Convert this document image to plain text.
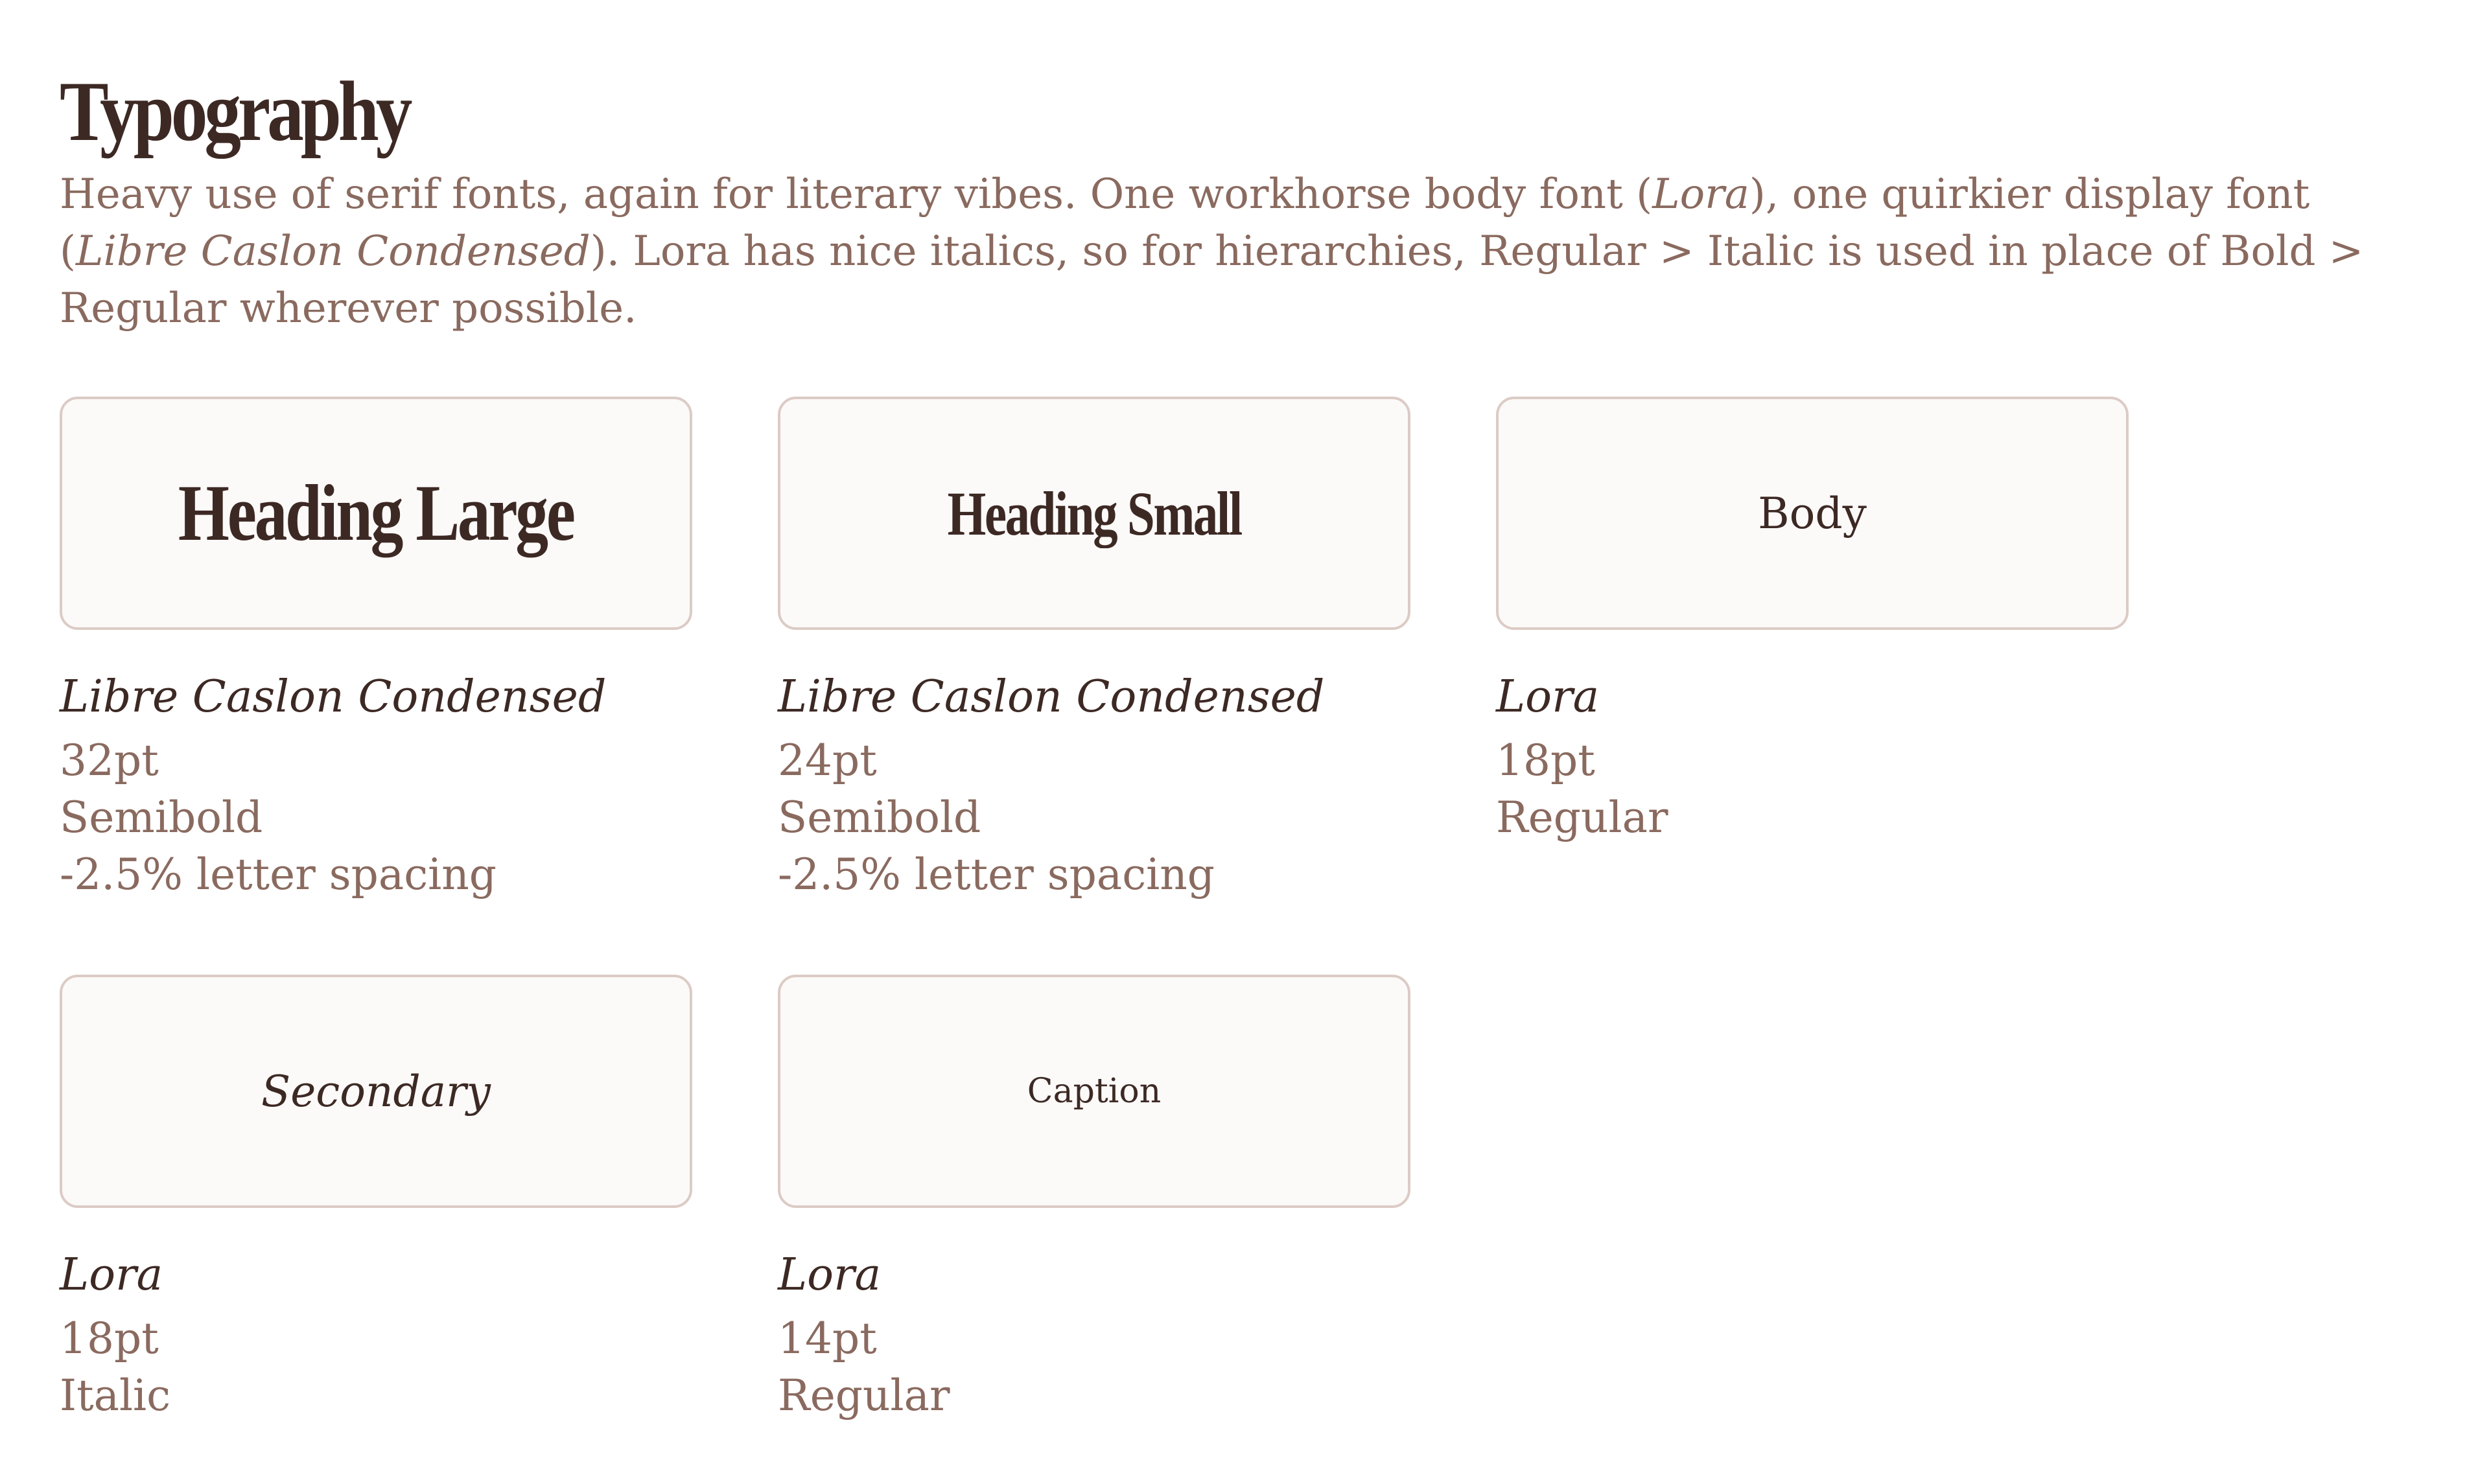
Typography
Heavy use of serif fonts, again for literary vibes. One workhorse body font (Lora), one quirkier display font (Libre Caslon Condensed). Lora has nice italics, so for hierarchies, Regular > Italic is used in place of Bold > Regular wherever possible.
Heading Large
Libre Caslon Condensed
32pt
Semibold
-2.5% letter spacing
Heading Small
Libre Caslon Condensed
24pt
Semibold
-2.5% letter spacing
Body
Lora
18pt
Regular
Secondary
Lora
18pt
Italic
Caption
Lora
14pt
Regular
